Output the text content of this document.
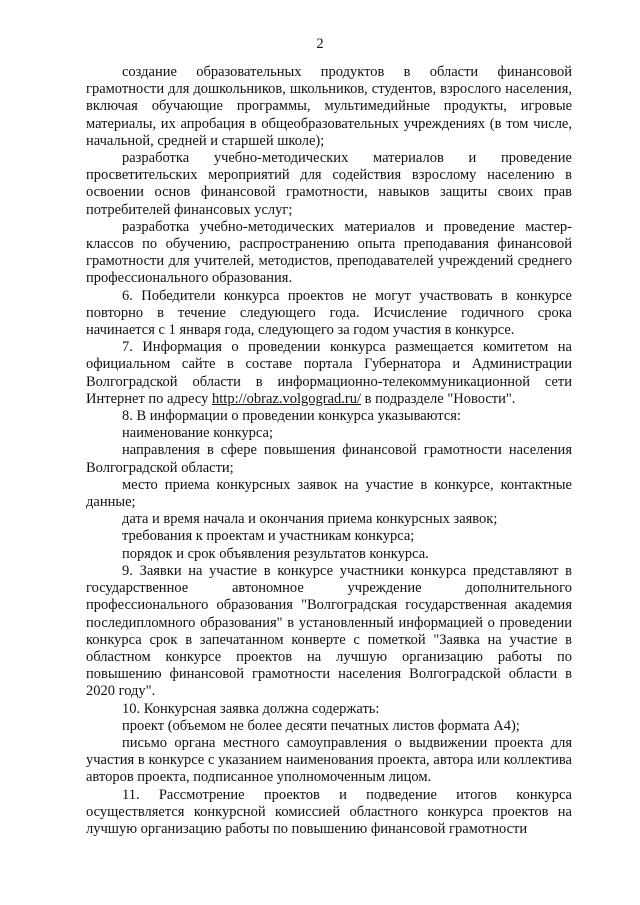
2

создание образовательных продуктов в области финансовой грамотности для дошкольников, школьников, студентов, взрослого населения, включая обучающие программы, мультимедийные продукты, игровые материалы, их апробация в общеобразовательных учреждениях (в том числе, начальной, средней и старшей школе);

разработка учебно-методических материалов и проведение просветительских мероприятий для содействия взрослому населению в освоении основ финансовой грамотности, навыков защиты своих прав потребителей финансовых услуг;

разработка учебно-методических материалов и проведение мастер-классов по обучению, распространению опыта преподавания финансовой грамотности для учителей, методистов, преподавателей учреждений среднего профессионального образования.

6. Победители конкурса проектов не могут участвовать в конкурсе повторно в течение следующего года. Исчисление годичного срока начинается с 1 января года, следующего за годом участия в конкурсе.

7. Информация о проведении конкурса размещается комитетом на официальном сайте в составе портала Губернатора и Администрации Волгоградской области в информационно-телекоммуникационной сети Интернет по адресу http://obraz.volgograd.ru/ в подразделе "Новости".

8. В информации о проведении конкурса указываются:

наименование конкурса;

направления в сфере повышения финансовой грамотности населения Волгоградской области;

место приема конкурсных заявок на участие в конкурсе, контактные данные;

дата и время начала и окончания приема конкурсных заявок;

требования к проектам и участникам конкурса;

порядок и срок объявления результатов конкурса.

9. Заявки на участие в конкурсе участники конкурса представляют в государственное автономное учреждение дополнительного профессионального образования "Волгоградская государственная академия последипломного образования" в установленный информацией о проведении конкурса срок в запечатанном конверте с пометкой "Заявка на участие в областном конкурсе проектов на лучшую организацию работы по повышению финансовой грамотности населения Волгоградской области в 2020 году".

10. Конкурсная заявка должна содержать:

проект (объемом не более десяти печатных листов формата А4);

письмо органа местного самоуправления о выдвижении проекта для участия в конкурсе с указанием наименования проекта, автора или коллектива авторов проекта, подписанное уполномоченным лицом.

11. Рассмотрение проектов и подведение итогов конкурса осуществляется конкурсной комиссией областного конкурса проектов на лучшую организацию работы по повышению финансовой грамотности
